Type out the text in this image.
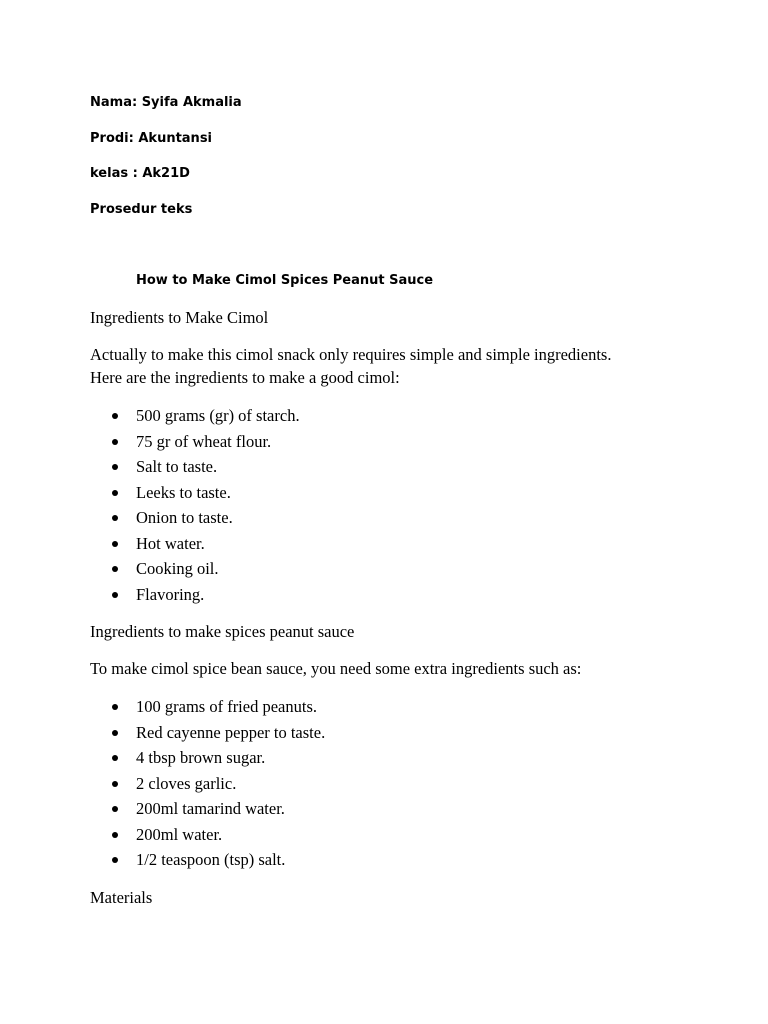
Nama: Syifa Akmalia
Prodi: Akuntansi
kelas : Ak21D
Prosedur teks
How to Make Cimol Spices Peanut Sauce
Ingredients to Make Cimol
Actually to make this cimol snack only requires simple and simple ingredients.
Here are the ingredients to make a good cimol:
500 grams (gr) of starch.
75 gr of wheat flour.
Salt to taste.
Leeks to taste.
Onion to taste.
Hot water.
Cooking oil.
Flavoring.
Ingredients to make spices peanut sauce
To make cimol spice bean sauce, you need some extra ingredients such as:
100 grams of fried peanuts.
Red cayenne pepper to taste.
4 tbsp brown sugar.
2 cloves garlic.
200ml tamarind water.
200ml water.
1/2 teaspoon (tsp) salt.
Materials
